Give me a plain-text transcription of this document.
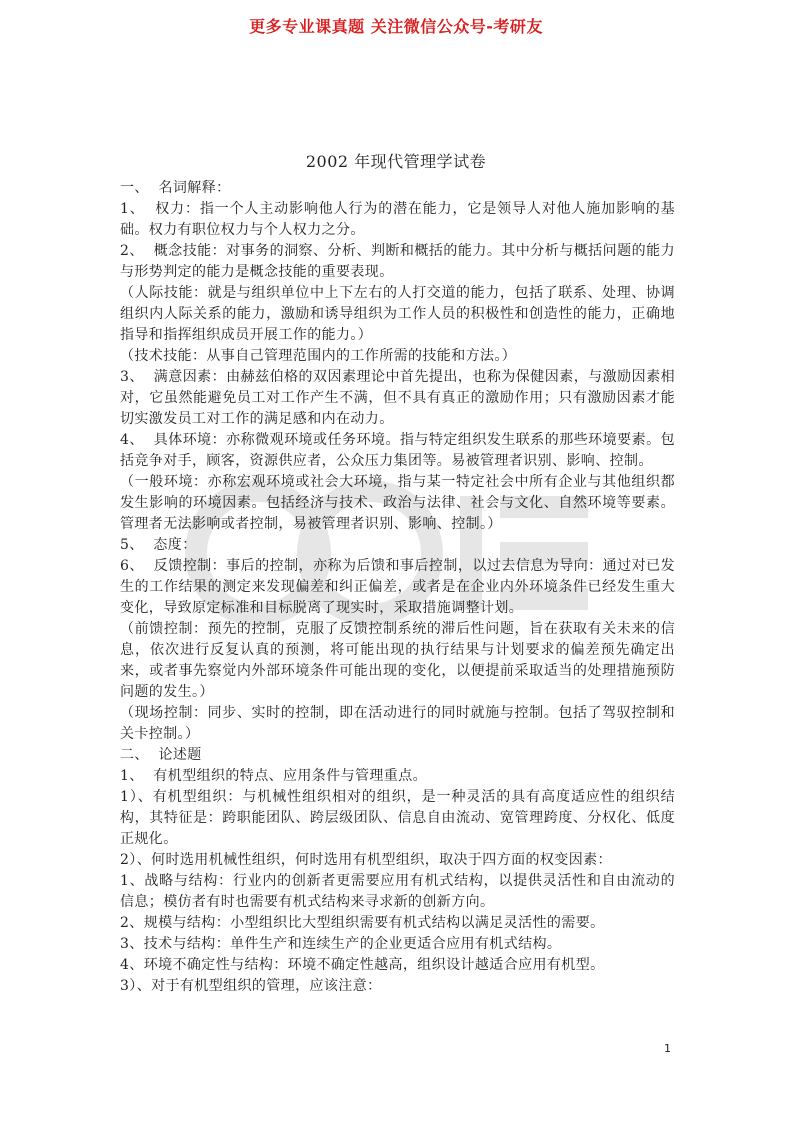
更多专业课真题 关注微信公众号-考研友
2002 年现代管理学试卷

一、  名词解释：

1、  权力：指一个人主动影响他人行为的潜在能力，它是领导人对他人施加影响的基础。权力有职位权力与个人权力之分。

2、  概念技能：对事务的洞察、分析、判断和概括的能力。其中分析与概括问题的能力与形势判定的能力是概念技能的重要表现。

（人际技能：就是与组织单位中上下左右的人打交道的能力，包括了联系、处理、协调组织内人际关系的能力，激励和诱导组织为工作人员的积极性和创造性的能力，正确地指导和指挥组织成员开展工作的能力。）

（技术技能：从事自己管理范围内的工作所需的技能和方法。）

3、  满意因素：由赫兹伯格的双因素理论中首先提出，也称为保健因素，与激励因素相对，它虽然能避免员工对工作产生不满，但不具有真正的激励作用；只有激励因素才能切实激发员工对工作的满足感和内在动力。

4、  具体环境：亦称微观环境或任务环境。指与特定组织发生联系的那些环境要素。包括竞争对手，顾客，资源供应者，公众压力集团等。易被管理者识别、影响、控制。

（一般环境：亦称宏观环境或社会大环境，指与某一特定社会中所有企业与其他组织都发生影响的环境因素。包括经济与技术、政治与法律、社会与文化、自然环境等要素。管理者无法影响或者控制，易被管理者识别、影响、控制。）

5、  态度：

6、  反馈控制：事后的控制，亦称为后馈和事后控制，以过去信息为导向：通过对已发生的工作结果的测定来发现偏差和纠正偏差，或者是在企业内外环境条件已经发生重大变化，导致原定标准和目标脱离了现实时，采取措施调整计划。

（前馈控制：预先的控制，克服了反馈控制系统的滞后性问题，旨在获取有关未来的信息，依次进行反复认真的预测，将可能出现的执行结果与计划要求的偏差预先确定出来，或者事先察觉内外部环境条件可能出现的变化，以便提前采取适当的处理措施预防问题的发生。）

（现场控制：同步、实时的控制，即在活动进行的同时就施与控制。包括了驾驭控制和关卡控制。）

二、  论述题

1、  有机型组织的特点、应用条件与管理重点。

1）、有机型组织：与机械性组织相对的组织，是一种灵活的具有高度适应性的组织结构，其特征是：跨职能团队、跨层级团队、信息自由流动、宽管理跨度、分权化、低度正规化。

2）、何时选用机械性组织，何时选用有机型组织，取决于四方面的权变因素：

1、战略与结构：行业内的创新者更需要应用有机式结构，以提供灵活性和自由流动的信息；模仿者有时也需要有机式结构来寻求新的创新方向。

2、规模与结构：小型组织比大型组织需要有机式结构以满足灵活性的需要。

3、技术与结构：单件生产和连续生产的企业更适合应用有机式结构。

4、环境不确定性与结构：环境不确定性越高，组织设计越适合应用有机型。

3）、对于有机型组织的管理，应该注意：

1
